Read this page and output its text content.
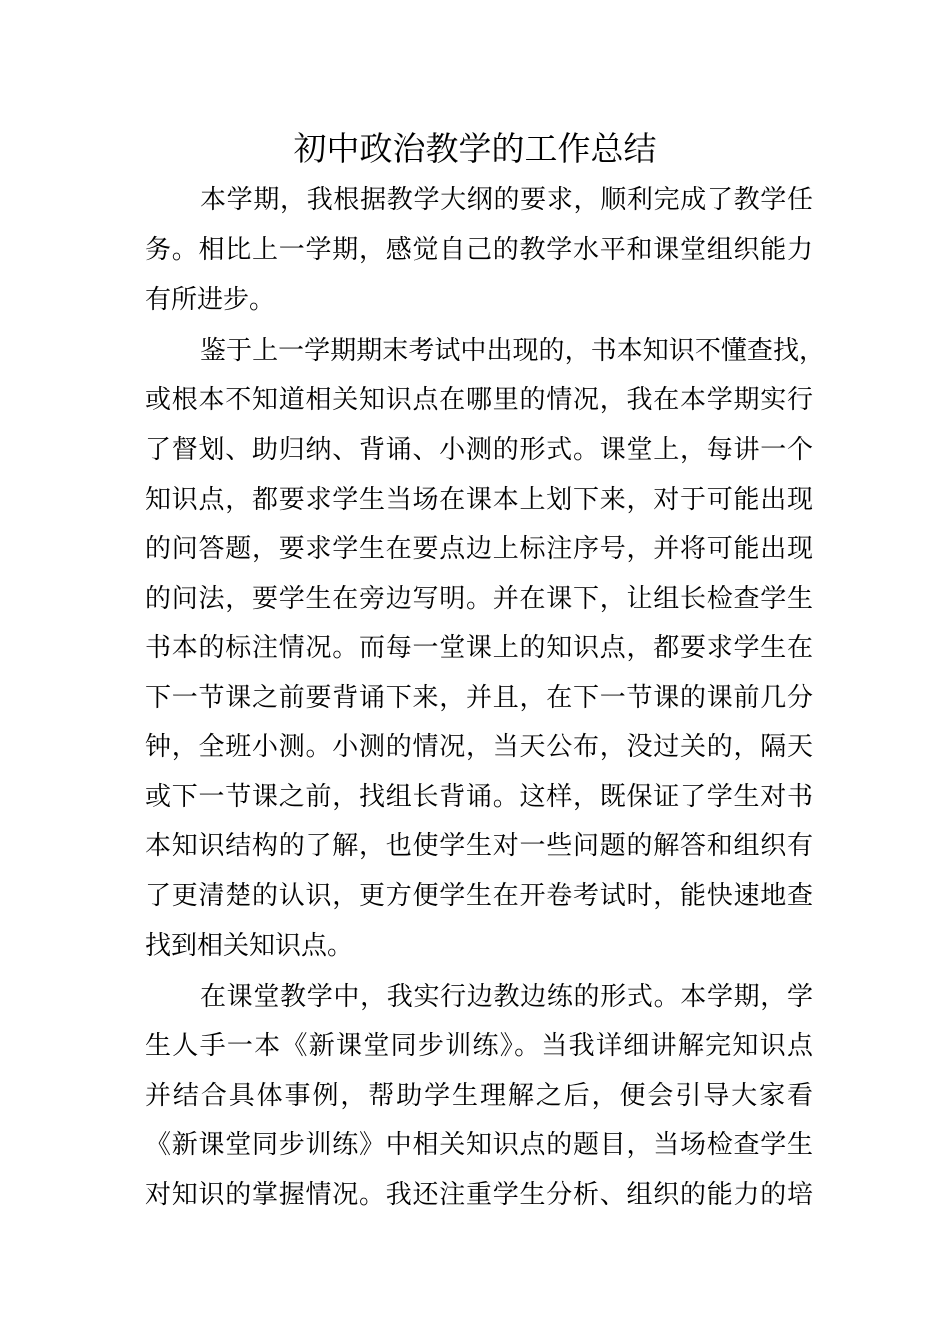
初中政治教学的工作总结
本学期，我根据教学大纲的要求，顺利完成了教学任
务。相比上一学期，感觉自己的教学水平和课堂组织能力
有所进步。
鉴于上一学期期末考试中出现的，书本知识不懂查找，
或根本不知道相关知识点在哪里的情况，我在本学期实行
了督划、助归纳、背诵、小测的形式。课堂上，每讲一个
知识点，都要求学生当场在课本上划下来，对于可能出现
的问答题，要求学生在要点边上标注序号，并将可能出现
的问法，要学生在旁边写明。并在课下，让组长检查学生
书本的标注情况。而每一堂课上的知识点，都要求学生在
下一节课之前要背诵下来，并且，在下一节课的课前几分
钟，全班小测。小测的情况，当天公布，没过关的，隔天
或下一节课之前，找组长背诵。这样，既保证了学生对书
本知识结构的了解，也使学生对一些问题的解答和组织有
了更清楚的认识，更方便学生在开卷考试时，能快速地查
找到相关知识点。
在课堂教学中，我实行边教边练的形式。本学期，学
生人手一本《新课堂同步训练》。当我详细讲解完知识点
并结合具体事例，帮助学生理解之后，便会引导大家看
《新课堂同步训练》中相关知识点的题目，当场检查学生
对知识的掌握情况。我还注重学生分析、组织的能力的培
